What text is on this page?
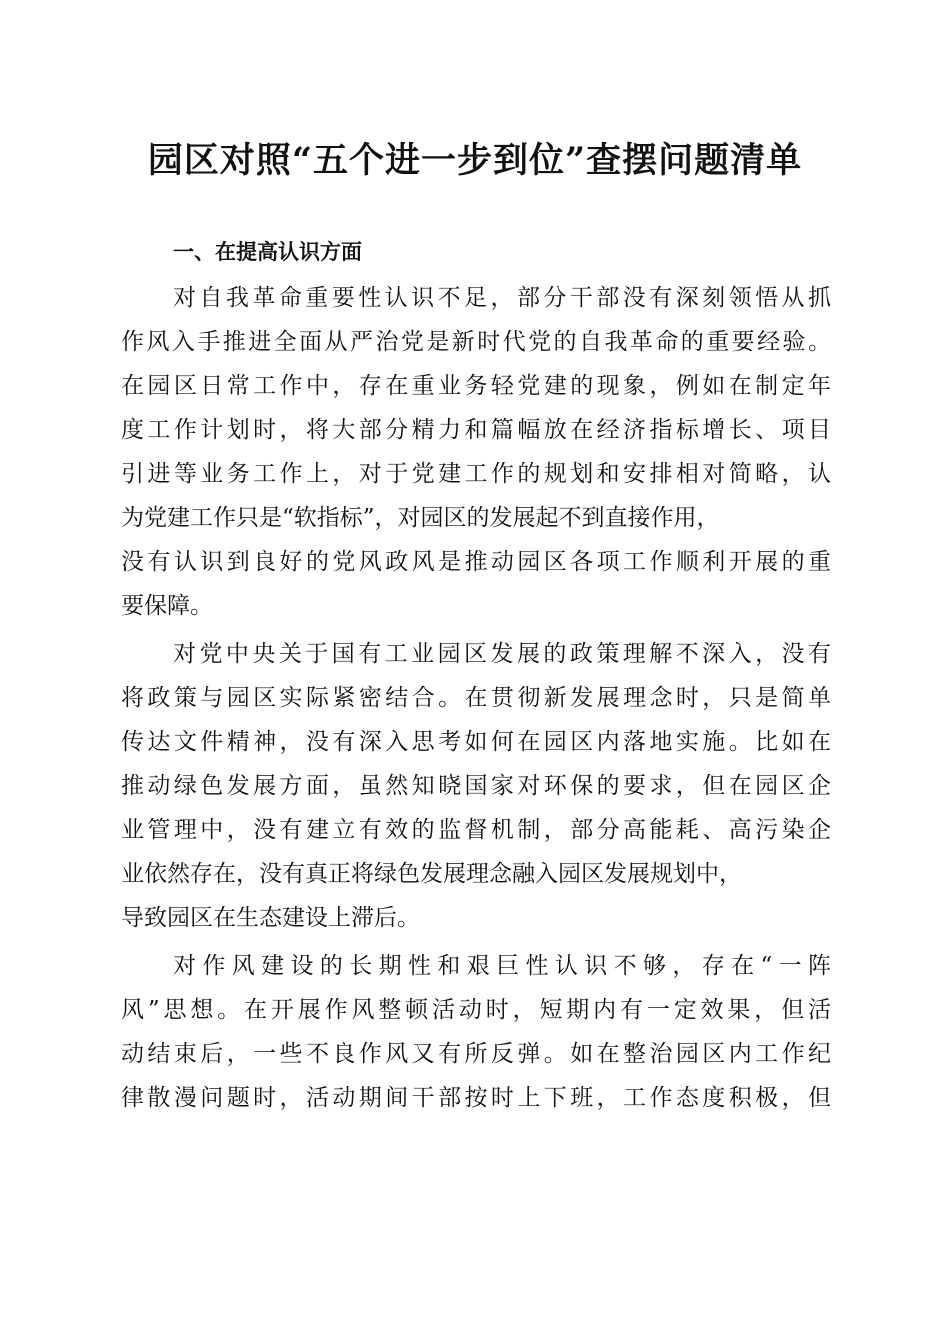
园区对照“五个进一步到位”查摆问题清单
一、在提高认识方面

对自我革命重要性认识不足，部分干部没有深刻领悟从抓

作风入手推进全面从严治党是新时代党的自我革命的重要经验。

在园区日常工作中，存在重业务轻党建的现象，例如在制定年

度工作计划时，将大部分精力和篇幅放在经济指标增长、项目

引进等业务工作上，对于党建工作的规划和安排相对简略，认

为党建工作只是“软指标”，对园区的发展起不到直接作用，

没有认识到良好的党风政风是推动园区各项工作顺利开展的重

要保障。

对党中央关于国有工业园区发展的政策理解不深入，没有

将政策与园区实际紧密结合。在贯彻新发展理念时，只是简单

传达文件精神，没有深入思考如何在园区内落地实施。比如在

推动绿色发展方面，虽然知晓国家对环保的要求，但在园区企

业管理中，没有建立有效的监督机制，部分高能耗、高污染企

业依然存在，没有真正将绿色发展理念融入园区发展规划中，

导致园区在生态建设上滞后。

对作风建设的长期性和艰巨性认识不够，存在“一阵

风”思想。在开展作风整顿活动时，短期内有一定效果，但活

动结束后，一些不良作风又有所反弹。如在整治园区内工作纪

律散漫问题时，活动期间干部按时上下班，工作态度积极，但
